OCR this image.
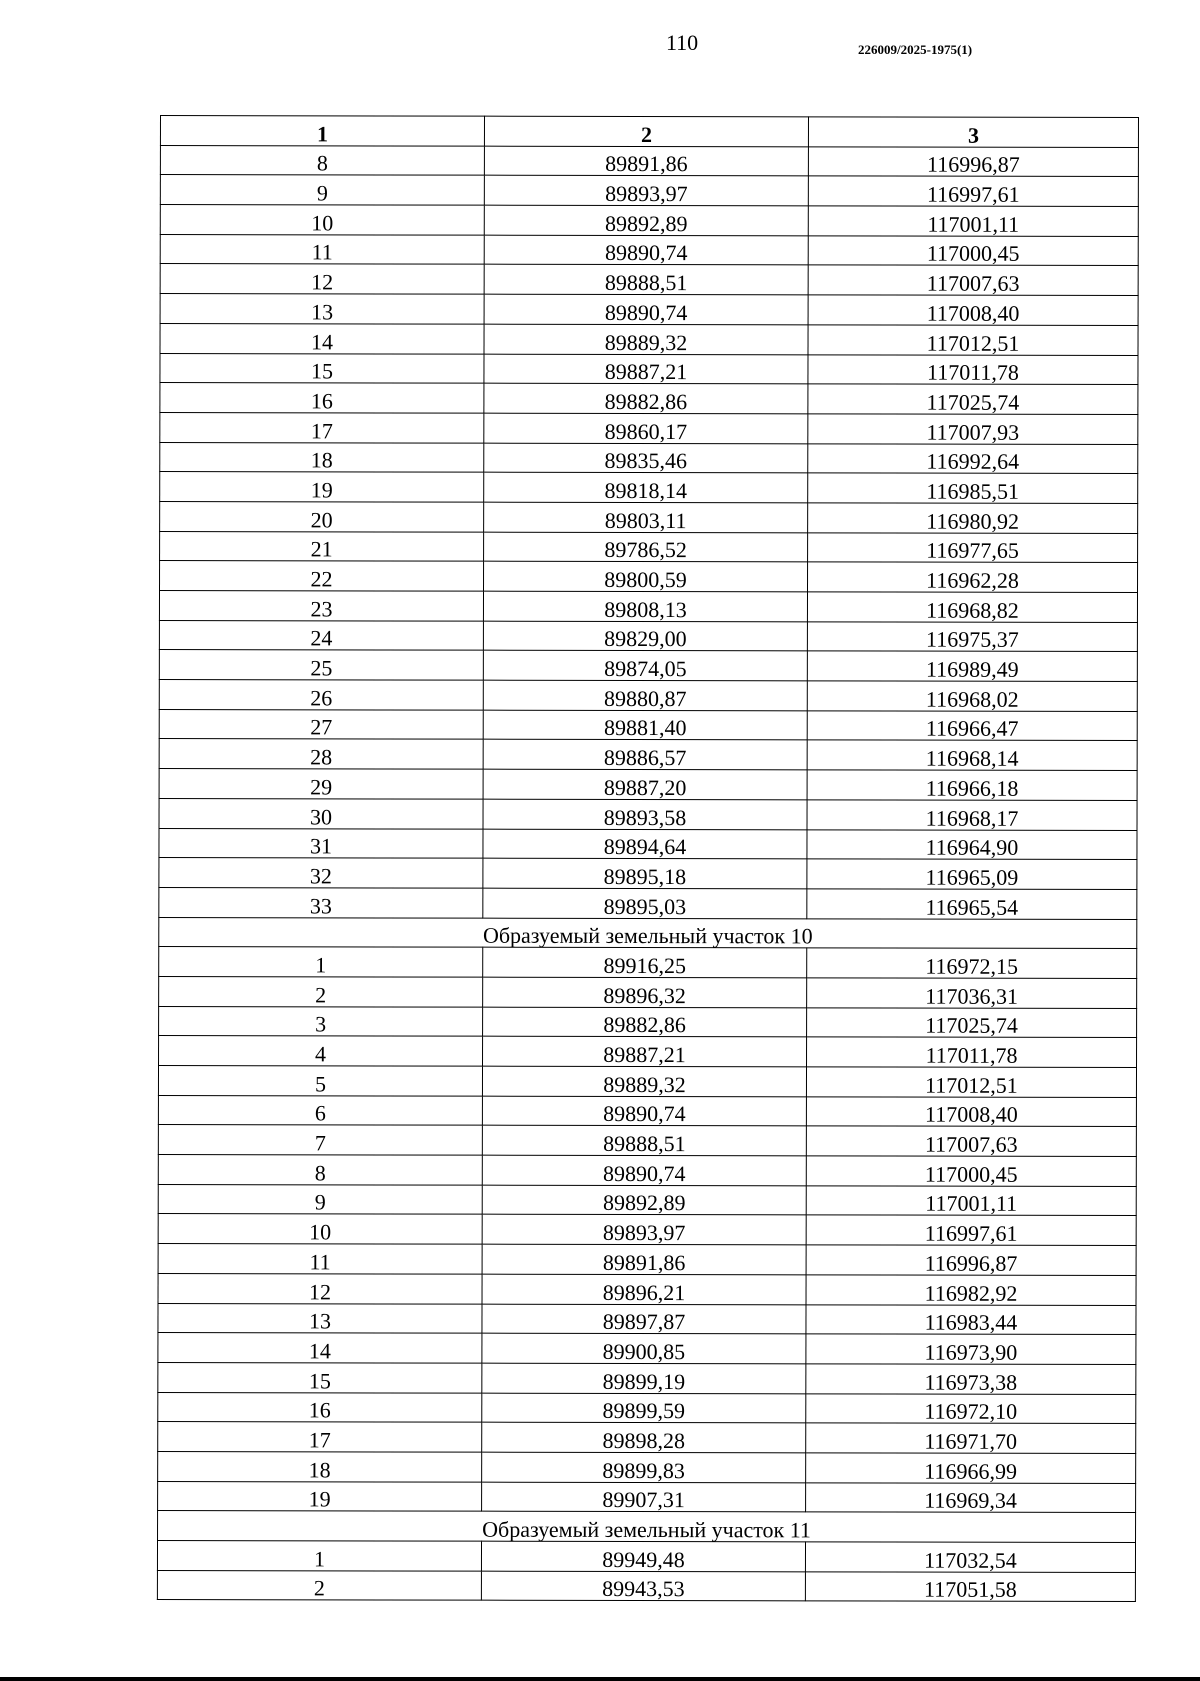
110	226009/2025-1975(1)
1	2	3
8	89891,86	116996,87
9	89893,97	116997,61
10	89892,89	117001,11
11	89890,74	117000,45
12	89888,51	117007,63
13	89890,74	117008,40
14	89889,32	117012,51
15	89887,21	117011,78
16	89882,86	117025,74
17	89860,17	117007,93
18	89835,46	116992,64
19	89818,14	116985,51
20	89803,11	116980,92
21	89786,52	116977,65
22	89800,59	116962,28
23	89808,13	116968,82
24	89829,00	116975,37
25	89874,05	116989,49
26	89880,87	116968,02
27	89881,40	116966,47
28	89886,57	116968,14
29	89887,20	116966,18
30	89893,58	116968,17
31	89894,64	116964,90
32	89895,18	116965,09
33	89895,03	116965,54
Образуемый земельный участок 10		
1	89916,25	116972,15
2	89896,32	117036,31
3	89882,86	117025,74
4	89887,21	117011,78
5	89889,32	117012,51
6	89890,74	117008,40
7	89888,51	117007,63
8	89890,74	117000,45
9	89892,89	117001,11
10	89893,97	116997,61
11	89891,86	116996,87
12	89896,21	116982,92
13	89897,87	116983,44
14	89900,85	116973,90
15	89899,19	116973,38
16	89899,59	116972,10
17	89898,28	116971,70
18	89899,83	116966,99
19	89907,31	116969,34
Образуемый земельный участок 11		
1	89949,48	117032,54
2	89943,53	117051,58
